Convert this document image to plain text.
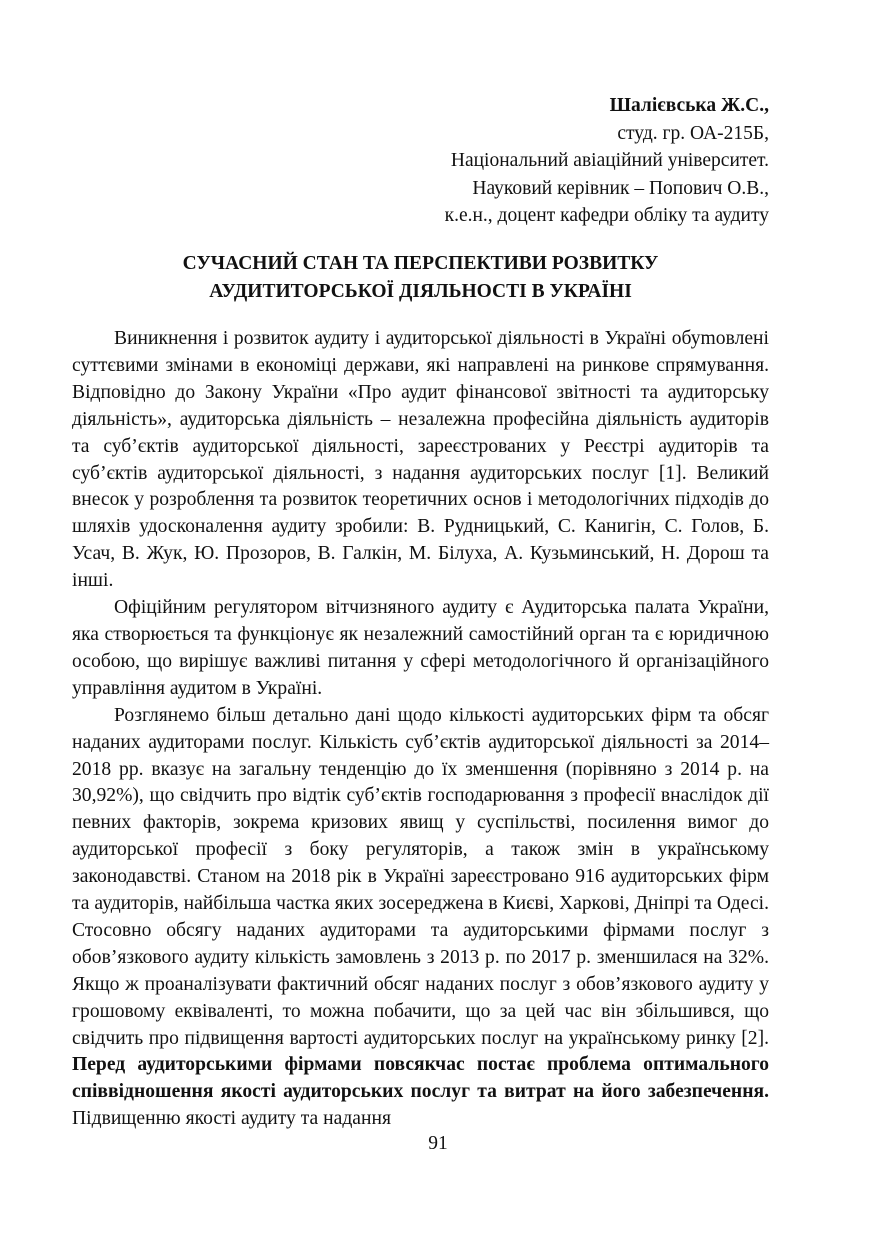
Шалієвська Ж.С.,
студ. гр. ОА-215Б,
Національний авіаційний університет.
Науковий керівник – Попович О.В.,
к.е.н., доцент кафедри обліку та аудиту
СУЧАСНИЙ СТАН ТА ПЕРСПЕКТИВИ РОЗВИТКУ
АУДИТИТОРСЬКОЇ ДІЯЛЬНОСТІ В УКРАЇНІ

Виникнення і розвиток аудиту і аудиторської діяльності в Україні обуmовлені суттєвими змінами в економіці держави, які направлені на ринкове спрямування. Відповідно до Закону України «Про аудит фінансової звітності та аудиторську діяльність», аудиторська діяльність – незалежна професійна діяльність аудиторів та суб’єктів аудиторської діяльності, зареєстрованих у Реєстрі аудиторів та суб’єктів аудиторської діяльності, з надання аудиторських послуг [1]. Великий внесок у розроблення та розвиток теоретичних основ і методологічних підходів до шляхів удосконалення аудиту зробили: В. Рудницький, С. Канигін, С. Голов, Б. Усач, В. Жук, Ю. Прозоров, В. Галкін, М. Білуха, А. Кузьминський, Н. Дорош та інші.

Офіційним регулятором вітчизняного аудиту є Аудиторська палата України, яка створюється та функціонує як незалежний самостійний орган та є юридичною особою, що вирішує важливі питання у сфері методологічного й організаційного управління аудитом в Україні.

Розглянемо більш детально дані щодо кількості аудиторських фірм та обсяг наданих аудиторами послуг. Кількість суб’єктів аудиторської діяльності за 2014–2018 рр. вказує на загальну тенденцію до їх зменшення (порівняно з 2014 р. на 30,92%), що свідчить про відтік суб’єктів господарювання з професії внаслідок дії певних факторів, зокрема кризових явищ у суспільстві, посилення вимог до аудиторської професії з боку регуляторів, а також змін в українському законодавстві. Станом на 2018 рік в Україні зареєстровано 916 аудиторських фірм та аудиторів, найбільша частка яких зосереджена в Києві, Харкові, Дніпрі та Одесі. Стосовно обсягу наданих аудиторами та аудиторськими фірмами послуг з обов’язкового аудиту кількість замовлень з 2013 р. по 2017 р. зменшилася на 32%. Якщо ж проаналізувати фактичний обсяг наданих послуг з обов’язкового аудиту у грошовому еквіваленті, то можна побачити, що за цей час він збільшився, що свідчить про підвищення вартості аудиторських послуг на українському ринку [2]. Перед аудиторськими фірмами повсякчас постає проблема оптимального співвідношення якості аудиторських послуг та витрат на його забезпечення. Підвищенню якості аудиту та надання

91
